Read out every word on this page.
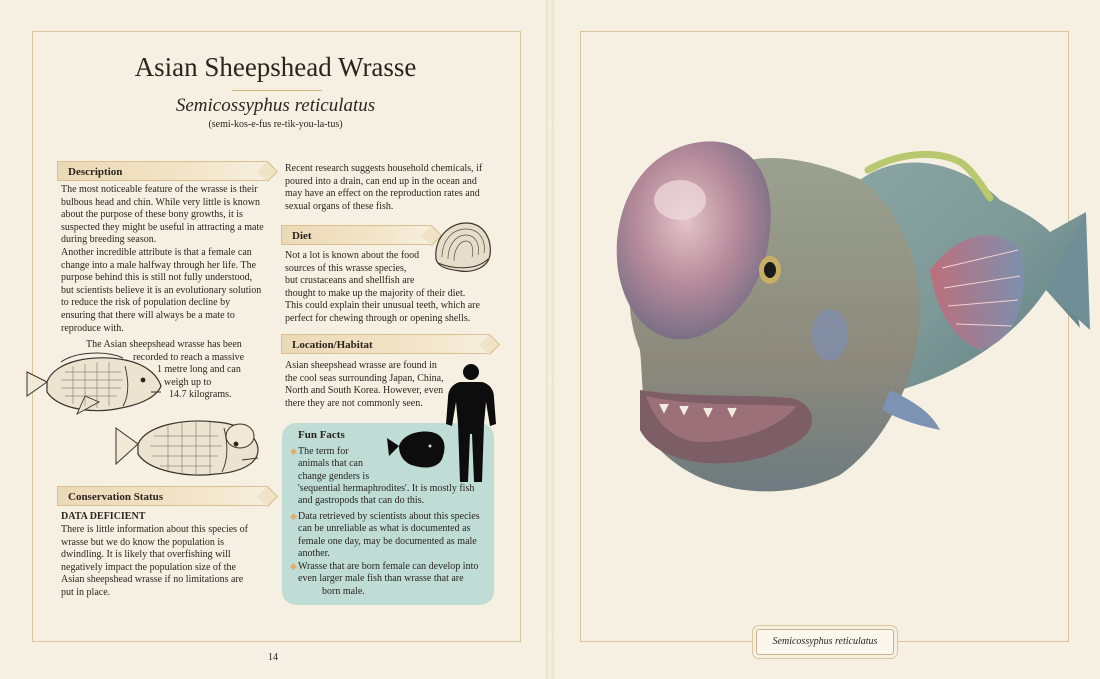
Asian Sheepshead Wrasse
Semicossyphus reticulatus
(semi-kos-e-fus re-tik-you-la-tus)
Description

The most noticeable feature of the wrasse is their bulbous head and chin. While very little is known about the purpose of these bony growths, it is suspected they might be useful in attracting a mate during breeding season.

Another incredible attribute is that a female can change into a male halfway through her life. The purpose behind this is still not fully understood, but scientists believe it is an evolutionary solution to reduce the risk of population decline by ensuring that there will always be a mate to reproduce with.

The Asian sheepshead wrasse has been
recorded to reach a massive
1 metre long and can
weigh up to
14.7 kilograms.
Conservation Status
DATA DEFICIENT
There is little information about this species of wrasse but we do know the population is dwindling. It is likely that overfishing will negatively impact the population size of the Asian sheepshead wrasse if no limitations are put in place.
Recent research suggests household chemicals, if poured into a drain, can end up in the ocean and may have an effect on the reproduction rates and sexual organs of these fish.
Diet
Not a lot is known about the food
sources of this wrasse species,
but crustaceans and shellfish are
thought to make up the majority of their diet.
This could explain their unusual teeth, which are
perfect for chewing through or opening shells.
Location/Habitat
Asian sheepshead wrasse are found in the cool seas surrounding Japan, China, North and South Korea. However, even there they are not commonly seen.
Fun Facts
◆ The term for
animals that can
change genders is
'sequential hermaphrodites'. It is mostly fish
and gastropods that can do this.
◆ Data retrieved by scientists about this species can be unreliable as what is documented as female one day, may be documented as male another.
◆ Wrasse that are born female can develop into
even larger male fish than wrasse that are
born male.
14
Semicossyphus reticulatus
